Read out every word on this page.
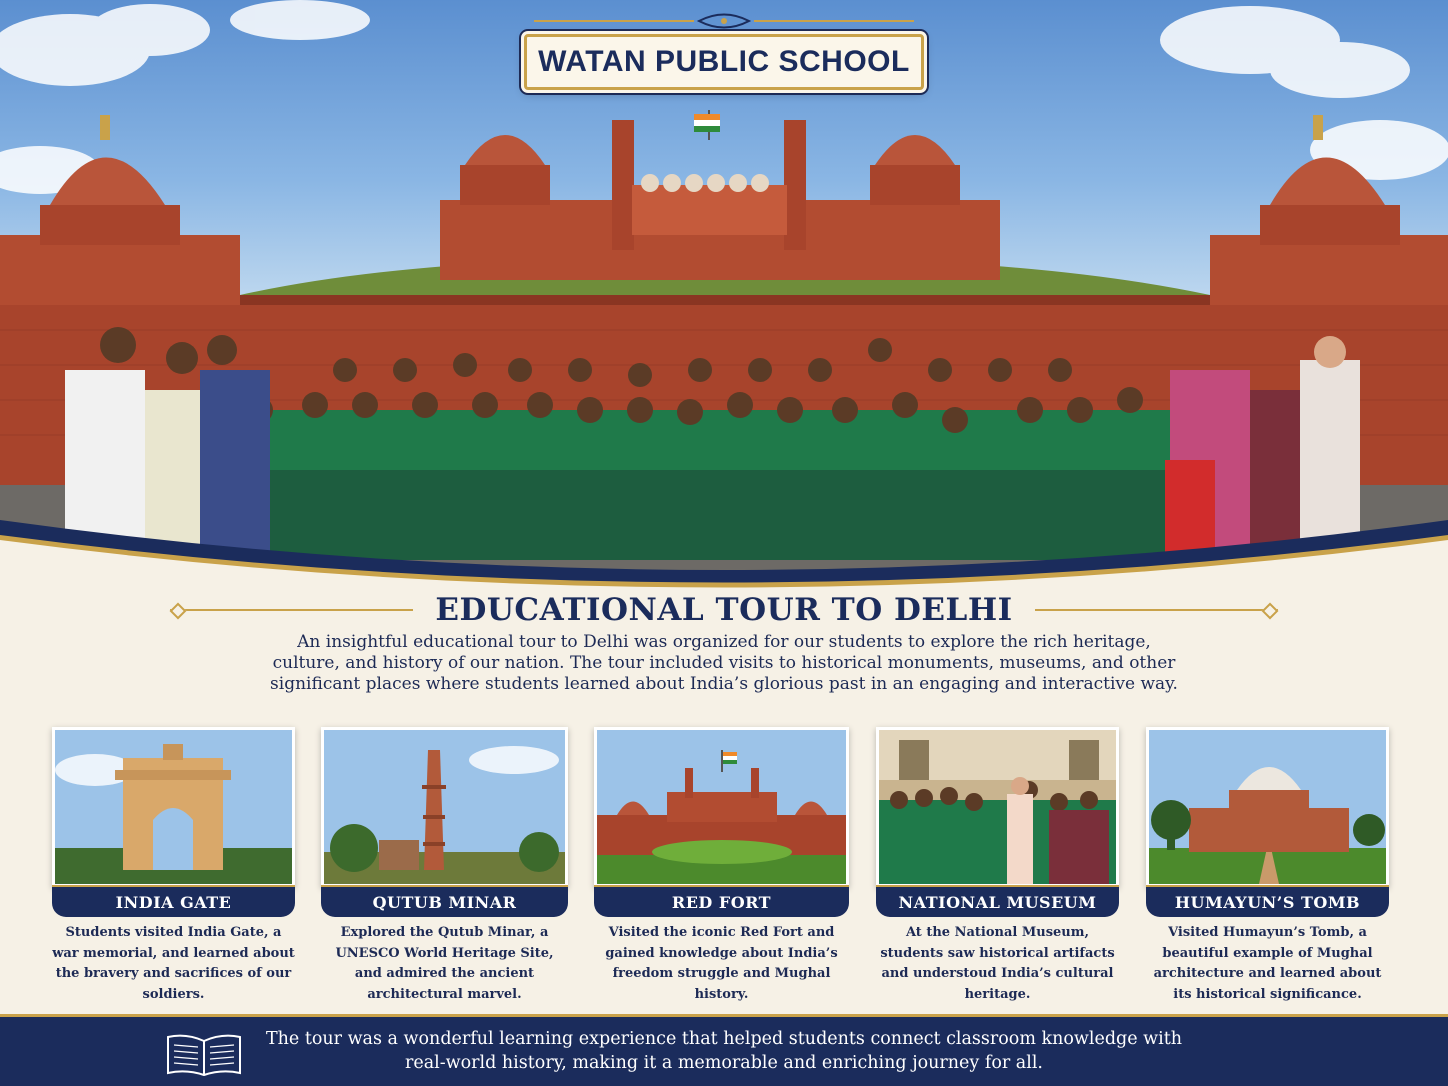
WATAN PUBLIC SCHOOL
EDUCATIONAL TOUR TO DELHI

An insightful educational tour to Delhi was organized for our students to explore the rich heritage, culture, and history of our nation. The tour included visits to historical monuments, museums, and other significant places where students learned about India’s glorious past in an engaging and interactive way.

INDIA GATE

Students visited India Gate, a war memorial, and learned about the bravery and sacrifices of our soldiers.

QUTUB MINAR

Explored the Qutub Minar, a UNESCO World Heritage Site, and admired the ancient architectural marvel.

RED FORT

Visited the iconic Red Fort and gained knowledge about India’s freedom struggle and Mughal history.

NATIONAL MUSEUM

At the National Museum, students saw historical artifacts and understoud India’s cultural heritage.

HUMAYUN’S TOMB

Visited Humayun’s Tomb, a beautiful example of Mughal architecture and learned about its historical significance.

The tour was a wonderful learning experience that helped students connect classroom knowledge with real-world history, making it a memorable and enriching journey for all.
